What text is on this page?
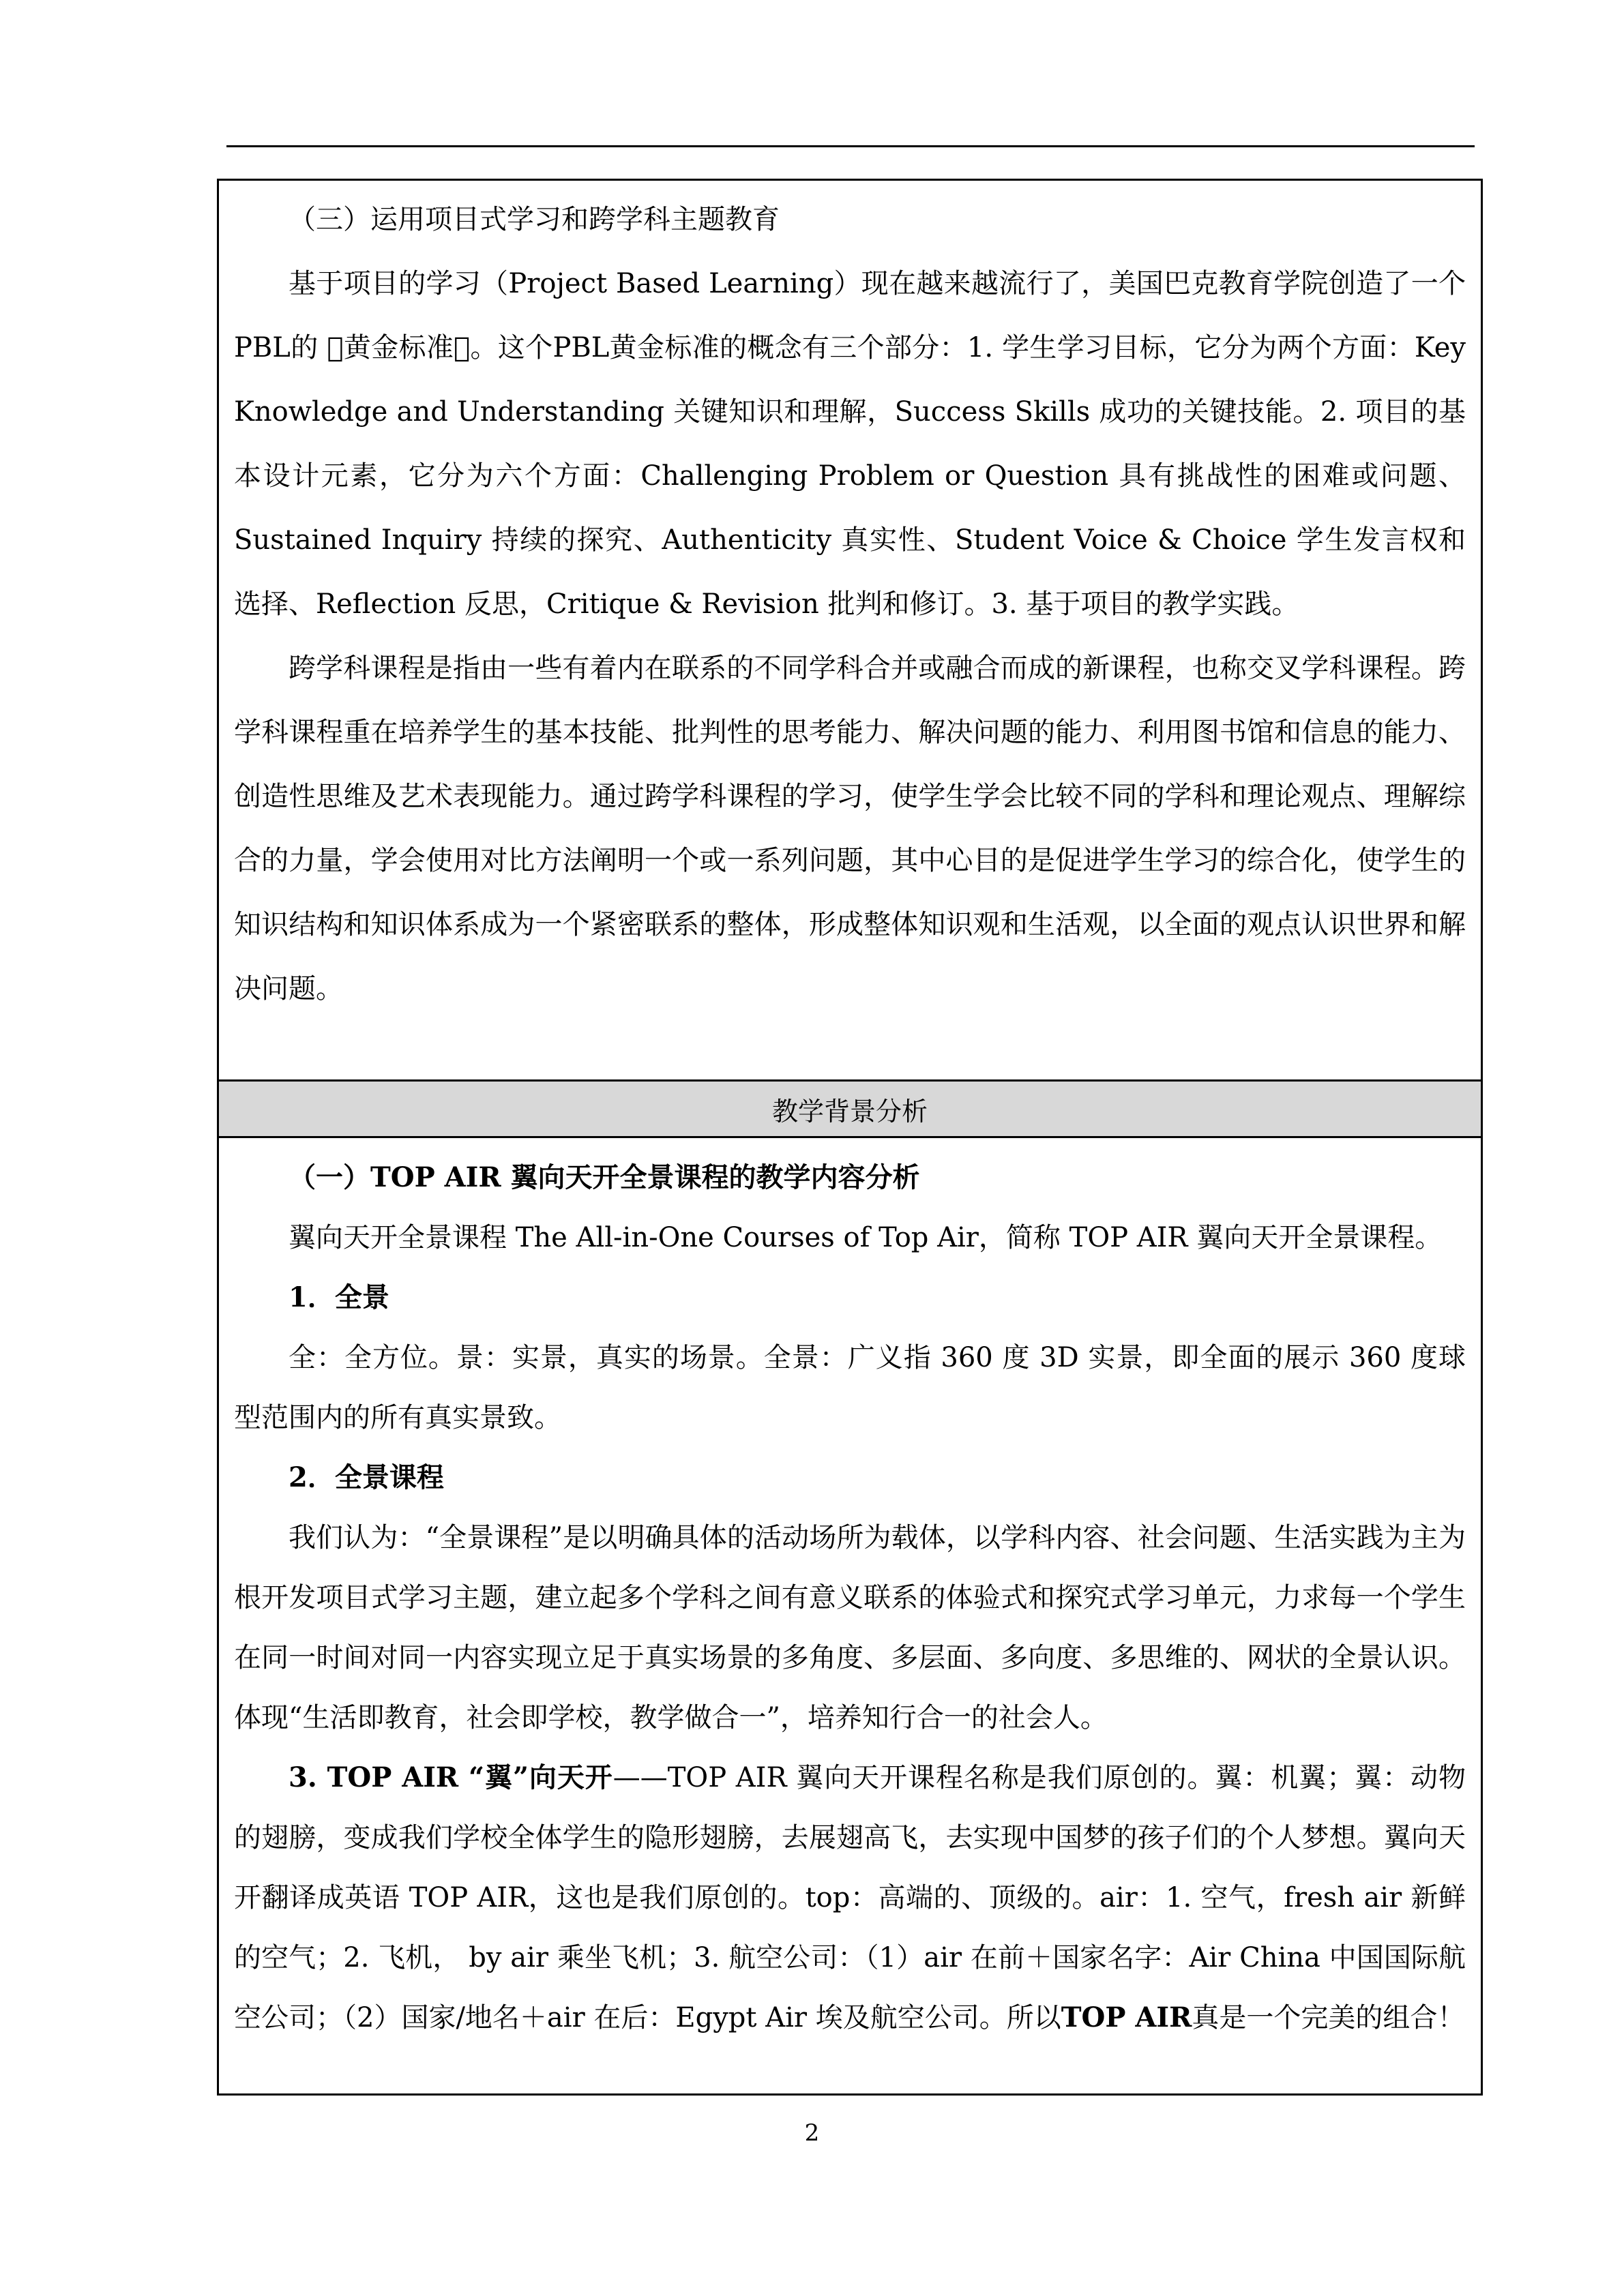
（三）运用项目式学习和跨学科主题教育

基于项目的学习（Project Based Learning）现在越来越流行了，美国巴克教育学院创造了一个PBL的 􀀀黄金标准􀀁。这个PBL黄金标准的概念有三个部分：1. 学生学习目标，它分为两个方面：Key Knowledge and Understanding 关键知识和理解，Success Skills 成功的关键技能。2. 项目的基本设计元素，它分为六个方面：Challenging Problem or Question 具有挑战性的困难或问题、Sustained Inquiry 持续的探究、Authenticity 真实性、Student Voice & Choice 学生发言权和选择、Reflection 反思，Critique & Revision 批判和修订。3. 基于项目的教学实践。

跨学科课程是指由一些有着内在联系的不同学科合并或融合而成的新课程，也称交叉学科课程。跨学科课程重在培养学生的基本技能、批判性的思考能力、解决问题的能力、利用图书馆和信息的能力、创造性思维及艺术表现能力。通过跨学科课程的学习，使学生学会比较不同的学科和理论观点、理解综合的力量，学会使用对比方法阐明一个或一系列问题，其中心目的是促进学生学习的综合化，使学生的知识结构和知识体系成为一个紧密联系的整体，形成整体知识观和生活观，以全面的观点认识世界和解决问题。

教学背景分析

（一）TOP AIR 翼向天开全景课程的教学内容分析

翼向天开全景课程 The All-in-One Courses of Top Air，简称 TOP AIR 翼向天开全景课程。

1．全景

全：全方位。景：实景，真实的场景。全景：广义指 360 度 3D 实景，即全面的展示 360 度球型范围内的所有真实景致。

2．全景课程

我们认为：“全景课程”是以明确具体的活动场所为载体，以学科内容、社会问题、生活实践为主为根开发项目式学习主题，建立起多个学科之间有意义联系的体验式和探究式学习单元，力求每一个学生在同一时间对同一内容实现立足于真实场景的多角度、多层面、多向度、多思维的、网状的全景认识。体现“生活即教育，社会即学校，教学做合一”，培养知行合一的社会人。

3. TOP AIR “翼”向天开——TOP AIR 翼向天开课程名称是我们原创的。翼：机翼；翼：动物的翅膀，变成我们学校全体学生的隐形翅膀，去展翅高飞，去实现中国梦的孩子们的个人梦想。翼向天开翻译成英语 TOP AIR，这也是我们原创的。top：高端的、顶级的。air：1. 空气，fresh air 新鲜的空气；2. 飞机， by air 乘坐飞机；3. 航空公司：（1）air 在前＋国家名字：Air China 中国国际航空公司；（2）国家/地名＋air 在后：Egypt Air 埃及航空公司。所以TOP AIR真是一个完美的组合！

2
